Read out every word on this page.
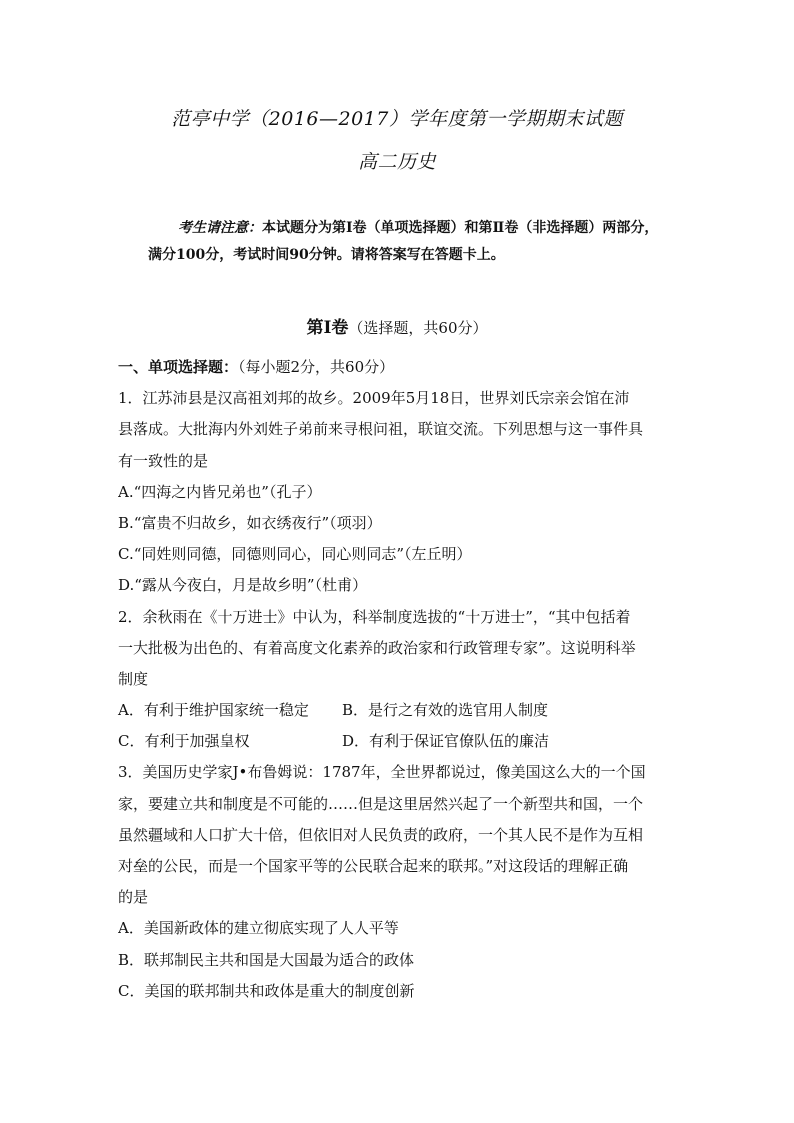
范亭中学（2016—2017）学年度第一学期期末试题
高二历史
考生请注意：本试题分为第Ⅰ卷（单项选择题）和第Ⅱ卷（非选择题）两部分，
满分100分，考试时间90分钟。请将答案写在答题卡上。
第Ⅰ卷（选择题，共60分）
一、单项选择题：（每小题2分，共60分）
1．江苏沛县是汉高祖刘邦的故乡。2009年5月18日，世界刘氏宗亲会馆在沛
县落成。大批海内外刘姓子弟前来寻根问祖，联谊交流。下列思想与这一事件具
有一致性的是
A.“四海之内皆兄弟也”（孔子）
B.“富贵不归故乡，如衣绣夜行”（项羽）
C.“同姓则同德，同德则同心，同心则同志”（左丘明）
D.“露从今夜白，月是故乡明”（杜甫）
2．余秋雨在《十万进士》中认为，科举制度选拔的“十万进士”，“其中包括着
一大批极为出色的、有着高度文化素养的政治家和行政管理专家”。这说明科举
制度
A．有利于维护国家统一稳定 B．是行之有效的选官用人制度
C．有利于加强皇权	D．有利于保证官僚队伍的廉洁
3．美国历史学家J•布鲁姆说：1787年，全世界都说过，像美国这么大的一个国
家，要建立共和制度是不可能的……但是这里居然兴起了一个新型共和国，一个
虽然疆域和人口扩大十倍，但依旧对人民负责的政府，一个其人民不是作为互相
对垒的公民，而是一个国家平等的公民联合起来的联邦。”对这段话的理解正确
的是
A．美国新政体的建立彻底实现了人人平等
B．联邦制民主共和国是大国最为适合的政体
C．美国的联邦制共和政体是重大的制度创新
